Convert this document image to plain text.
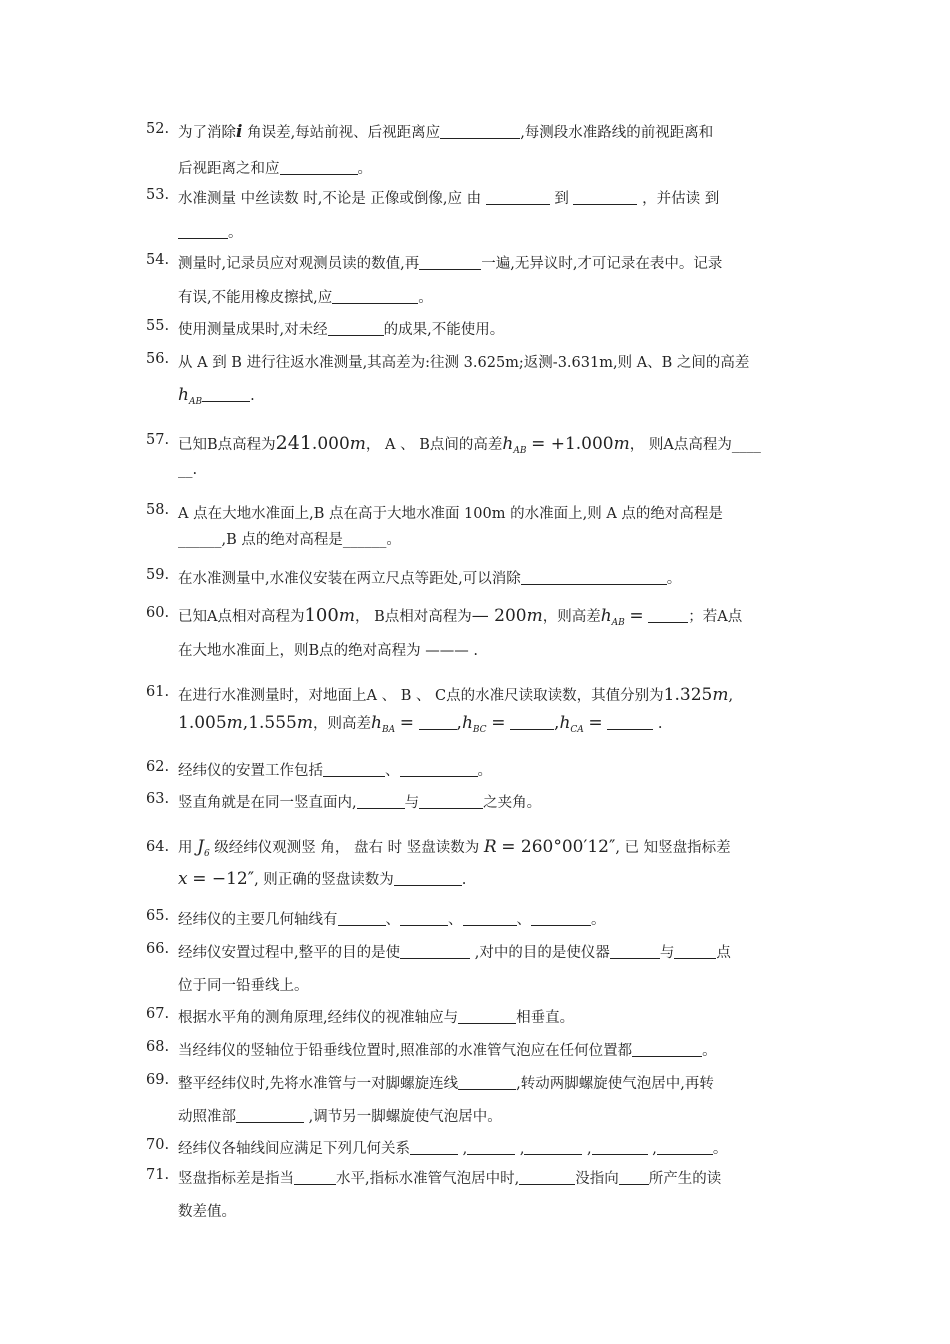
52. 为了消除i 角误差,每站前视、后视距离应	,每测段水准路线的前视距离和
后视距离之和应	。
53. 水准测量 中丝读数 时,不论是 正像或倒像,应 由	到	，并估读 到
。
54. 测量时,记录员应对观测员读的数值,再	一遍,无异议时,才可记录在表中。记录
有误,不能用橡皮擦拭,应	。
55. 使用测量成果时,对未经	的成果,不能使用。
56. 从 A 到 B 进行往返水准测量,其高差为:往测 3.625m;返测-3.631m,则 A、B 之间的高差
$h_{AB}$	.
57. 已知B点高程为241.000m， A 、 B点间的高差$h_{AB} = +1.000m$， 则A点高程为____
__.
58. A 点在大地水准面上,B 点在高于大地水准面 100m 的水准面上,则 A 点的绝对高程是
______,B 点的绝对高程是______。
59. 在水准测量中,水准仪安装在两立尺点等距处,可以消除	。
60. 已知A点相对高程为100m， B点相对高程为— 200m，则高差$h_{AB}$ =	；若A点
在大地水准面上，则B点的绝对高程为 ——— .
61. 在进行水准测量时，对地面上A 、 B 、 C点的水准尺读取读数，其值分别为1.325m,
1.005m,1.555m，则高差$h_{BA}$ =	$,h_{BC}$ =	$,h_{CA}$ =	.
62. 经纬仪的安置工作包括	、	。
63. 竖直角就是在同一竖直面内,	与	之夹角。
64. 用 $J_6$ 级经纬仪观测竖 角， 盘右 时 竖盘读数为 R = 260°00′12″, 已 知竖盘指标差
x = −12″, 则正确的竖盘读数为	.
65. 经纬仪的主要几何轴线有	、	、	、	。
66. 经纬仪安置过程中,整平的目的是使	,对中的目的是使仪器	与	点
位于同一铅垂线上。
67. 根据水平角的测角原理,经纬仪的视准轴应与	相垂直。
68. 当经纬仪的竖轴位于铅垂线位置时,照准部的水准管气泡应在任何位置都	。
69. 整平经纬仪时,先将水准管与一对脚螺旋连线	,转动两脚螺旋使气泡居中,再转
动照准部	,调节另一脚螺旋使气泡居中。
70. 经纬仪各轴线间应满足下列几何关系	,	,	,	,	。
71. 竖盘指标差是指当	水平,指标水准管气泡居中时,	没指向 所产生的读
数差值。
